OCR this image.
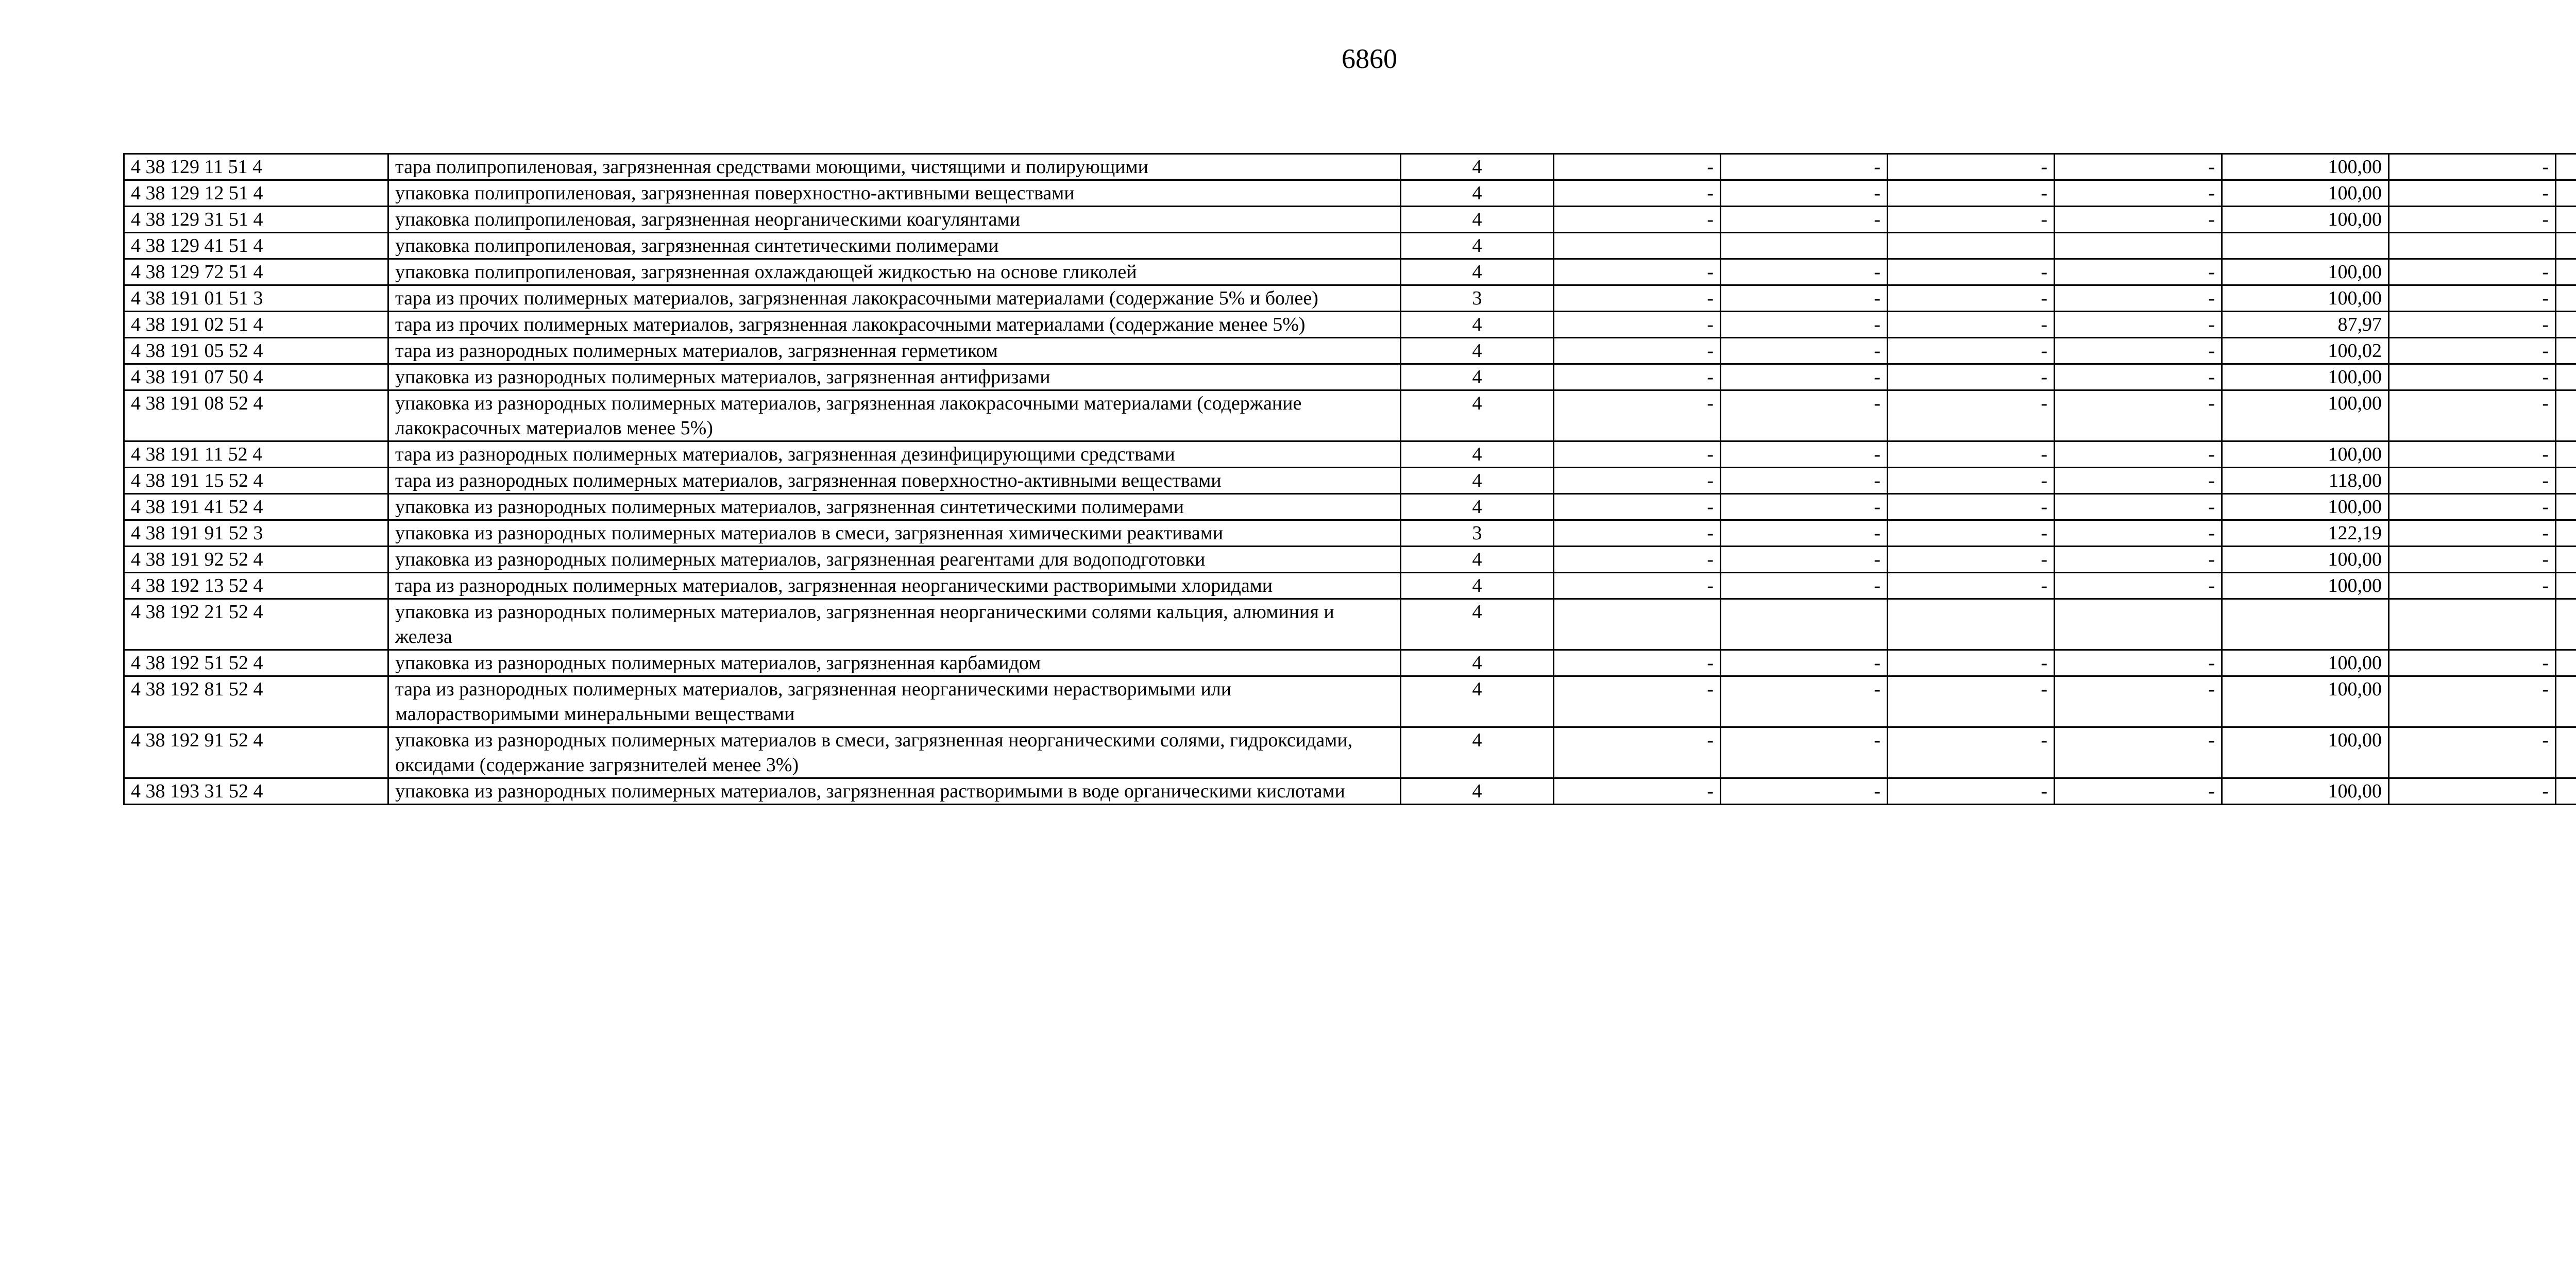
6860
4 38 129 11 51 4	тара полипропиленовая, загрязненная средствами моющими, чистящими и полирующими	4	-	-	-	-	100,00	-		
4 38 129 12 51 4	упаковка полипропиленовая, загрязненная поверхностно-активными веществами	4	-	-	-	-	100,00	-		
4 38 129 31 51 4	упаковка полипропиленовая, загрязненная неорганическими коагулянтами	4	-	-	-	-	100,00	-		
4 38 129 41 51 4	упаковка полипропиленовая, загрязненная синтетическими полимерами	4								
4 38 129 72 51 4	упаковка полипропиленовая, загрязненная охлаждающей жидкостью на основе гликолей	4	-	-	-	-	100,00	-		
4 38 191 01 51 3	тара из прочих полимерных материалов, загрязненная лакокрасочными материалами (содержание 5% и более)	3	-	-	-	-	100,00	-		
4 38 191 02 51 4	тара из прочих полимерных материалов, загрязненная лакокрасочными материалами (содержание менее 5%)	4	-	-	-	-	87,97	-		
4 38 191 05 52 4	тара из разнородных полимерных материалов, загрязненная герметиком	4	-	-	-	-	100,02	-		
4 38 191 07 50 4	упаковка из разнородных полимерных материалов, загрязненная антифризами	4	-	-	-	-	100,00	-		
4 38 191 08 52 4	упаковка из разнородных полимерных материалов, загрязненная лакокрасочными материалами (содержание лакокрасочных материалов менее 5%)	4	-	-	-	-	100,00	-		
4 38 191 11 52 4	тара из разнородных полимерных материалов, загрязненная дезинфицирующими средствами	4	-	-	-	-	100,00	-		
4 38 191 15 52 4	тара из разнородных полимерных материалов, загрязненная поверхностно-активными веществами	4	-	-	-	-	118,00	-		
4 38 191 41 52 4	упаковка из разнородных полимерных материалов, загрязненная синтетическими полимерами	4	-	-	-	-	100,00	-		
4 38 191 91 52 3	упаковка из разнородных полимерных материалов в смеси, загрязненная химическими реактивами	3	-	-	-	-	122,19	-		
4 38 191 92 52 4	упаковка из разнородных полимерных материалов, загрязненная реагентами для водоподготовки	4	-	-	-	-	100,00	-		
4 38 192 13 52 4	тара из разнородных полимерных материалов, загрязненная неорганическими растворимыми хлоридами	4	-	-	-	-	100,00	-		
4 38 192 21 52 4	упаковка из разнородных полимерных материалов, загрязненная неорганическими солями кальция, алюминия и железа	4								
4 38 192 51 52 4	упаковка из разнородных полимерных материалов, загрязненная карбамидом	4	-	-	-	-	100,00	-		
4 38 192 81 52 4	тара из разнородных полимерных материалов, загрязненная неорганическими нерастворимыми или малорастворимыми минеральными веществами	4	-	-	-	-	100,00	-		
4 38 192 91 52 4	упаковка из разнородных полимерных материалов в смеси, загрязненная неорганическими солями, гидроксидами, оксидами (содержание загрязнителей менее 3%)	4	-	-	-	-	100,00	-		
4 38 193 31 52 4	упаковка из разнородных полимерных материалов, загрязненная растворимыми в воде органическими кислотами	4	-	-	-	-	100,00	-		
